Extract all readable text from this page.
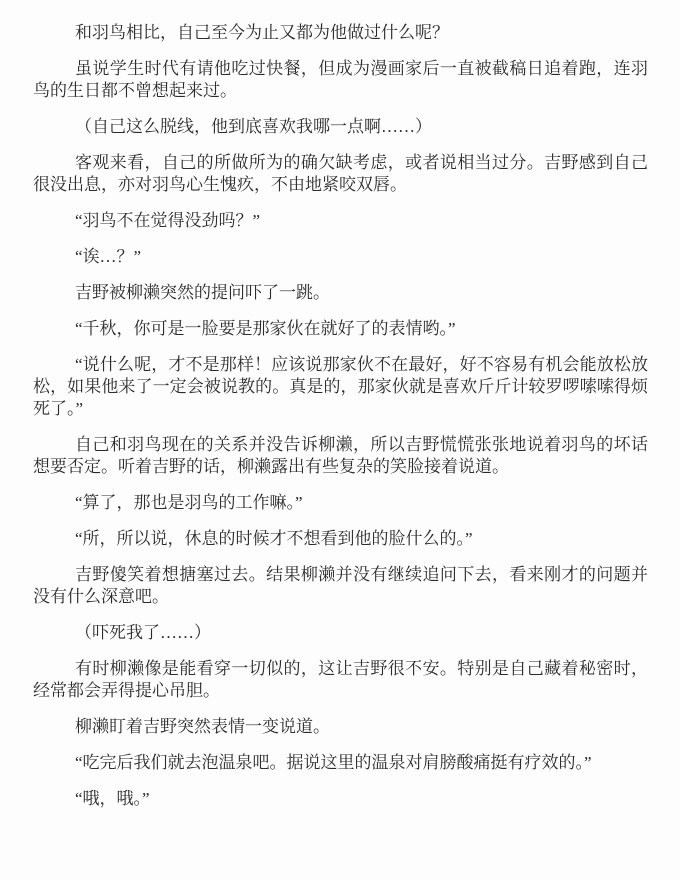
和羽鸟相比，自己至今为止又都为他做过什么呢？

虽说学生时代有请他吃过快餐，但成为漫画家后一直被截稿日追着跑，连羽鸟的生日都不曾想起来过。

（自己这么脱线，他到底喜欢我哪一点啊……）

客观来看，自己的所做所为的确欠缺考虑，或者说相当过分。吉野感到自己很没出息，亦对羽鸟心生愧疚，不由地紧咬双唇。

“羽鸟不在觉得没劲吗？”

“诶…？”

吉野被柳濑突然的提问吓了一跳。

“千秋，你可是一脸要是那家伙在就好了的表情哟。”

“说什么呢，才不是那样！应该说那家伙不在最好，好不容易有机会能放松放松，如果他来了一定会被说教的。真是的，那家伙就是喜欢斤斤计较罗啰嗦嗦得烦死了。”

自己和羽鸟现在的关系并没告诉柳濑，所以吉野慌慌张张地说着羽鸟的坏话想要否定。听着吉野的话，柳濑露出有些复杂的笑脸接着说道。

“算了，那也是羽鸟的工作嘛。”

“所，所以说，休息的时候才不想看到他的脸什么的。”

吉野傻笑着想搪塞过去。结果柳濑并没有继续追问下去，看来刚才的问题并没有什么深意吧。

（吓死我了……）

有时柳濑像是能看穿一切似的，这让吉野很不安。特别是自己藏着秘密时，经常都会弄得提心吊胆。

柳濑盯着吉野突然表情一变说道。

“吃完后我们就去泡温泉吧。据说这里的温泉对肩膀酸痛挺有疗效的。”

“哦，哦。”
